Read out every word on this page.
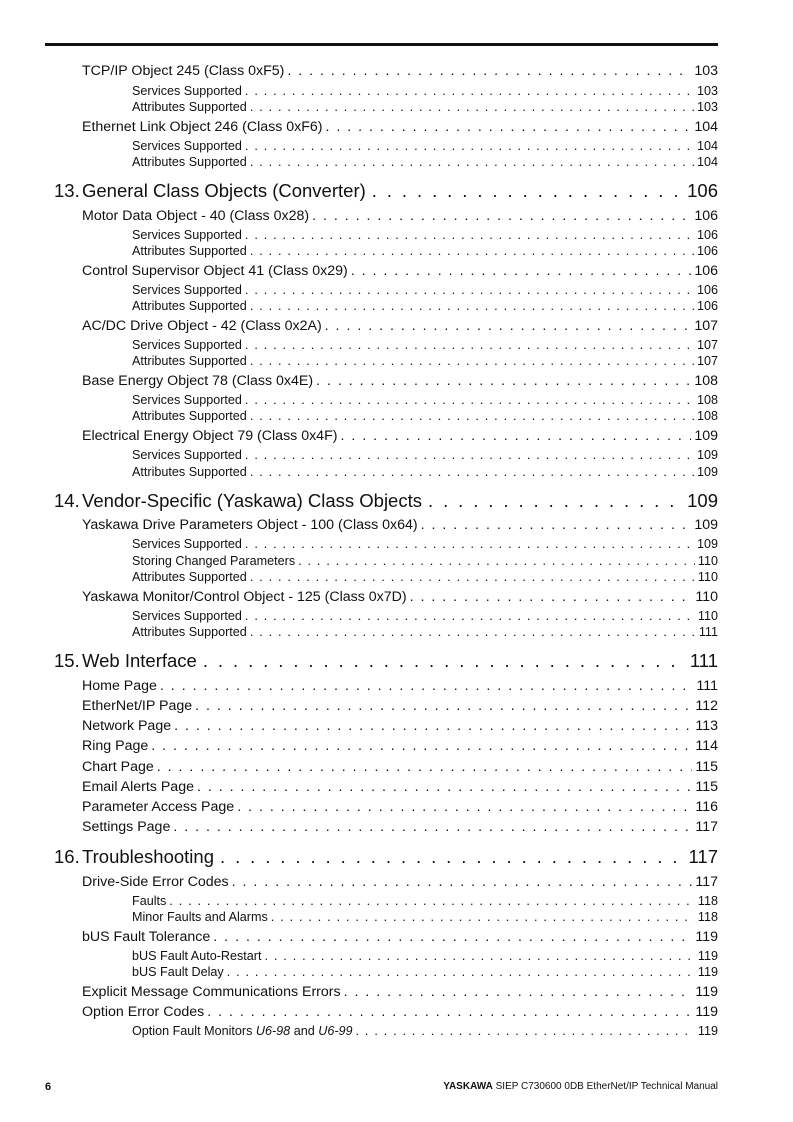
TCP/IP Object 245 (Class 0xF5) . . .	103
Services Supported . . .	103
Attributes Supported . . .	103
Ethernet Link Object 246 (Class 0xF6) . . .	104
Services Supported . . .	104
Attributes Supported . . .	104
13. General Class Objects (Converter) . . .	106
Motor Data Object - 40 (Class 0x28) . . .	106
Services Supported . . .	106
Attributes Supported . . .	106
Control Supervisor Object 41 (Class 0x29) . . .	106
Services Supported . . .	106
Attributes Supported . . .	106
AC/DC Drive Object - 42 (Class 0x2A) . . .	107
Services Supported . . .	107
Attributes Supported . . .	107
Base Energy Object 78 (Class 0x4E) . . .	108
Services Supported . . .	108
Attributes Supported . . .	108
Electrical Energy Object 79 (Class 0x4F) . . .	109
Services Supported . . .	109
Attributes Supported . . .	109
14. Vendor-Specific (Yaskawa) Class Objects . . .	109
Yaskawa Drive Parameters Object - 100 (Class 0x64) . . .	109
Services Supported . . .	109
Storing Changed Parameters . . .	110
Attributes Supported . . .	110
Yaskawa Monitor/Control Object - 125 (Class 0x7D) . . .	110
Services Supported . . .	110
Attributes Supported . . .	111
15. Web Interface . . .	111
Home Page . . .	111
EtherNet/IP Page . . .	112
Network Page . . .	113
Ring Page . . .	114
Chart Page . . .	115
Email Alerts Page . . .	115
Parameter Access Page . . .	116
Settings Page . . .	117
16. Troubleshooting . . .	117
Drive-Side Error Codes . . .	117
Faults . . .	118
Minor Faults and Alarms . . .	118
bUS Fault Tolerance . . .	119
bUS Fault Auto-Restart . . .	119
bUS Fault Delay . . .	119
Explicit Message Communications Errors . . .	119
Option Error Codes . . .	119
Option Fault Monitors U6-98 and U6-99 . . .	119
6	YASKAWA SIEP C730600 0DB EtherNet/IP Technical Manual
